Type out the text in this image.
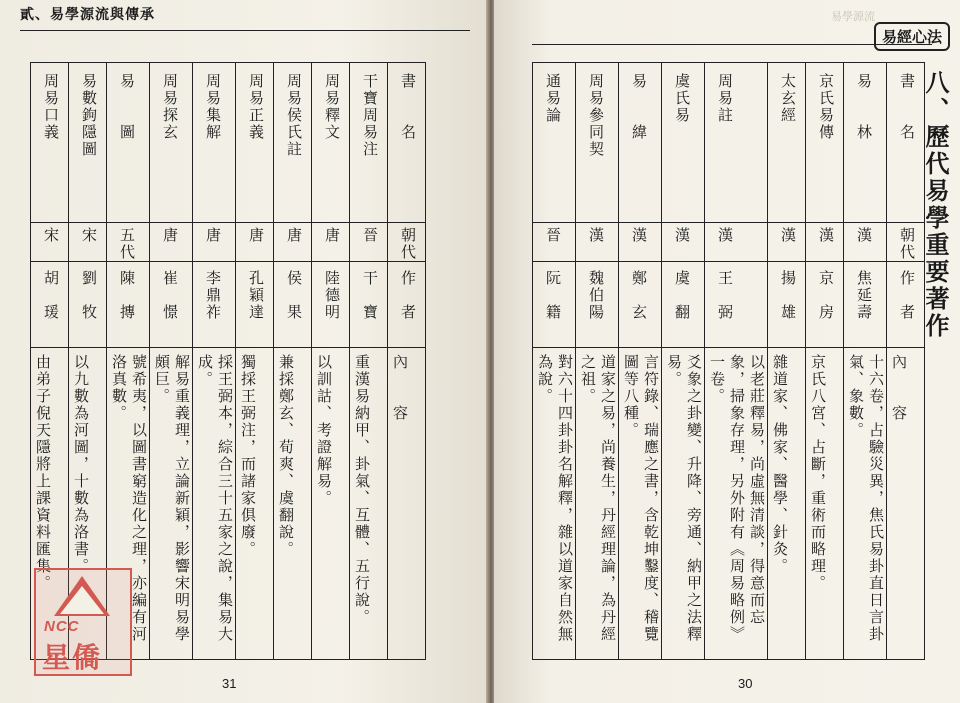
貳、易學源流與傳承
周易口義	易數鉤隱圖	易　　圖	周易探玄	周易集解	周易正義	周易侯氏註	周易釋文	干寶周易注	書　　名

宋	宋	五代	唐	唐	唐	唐	唐	晉	朝代

胡　瑗	劉　牧	陳　摶	崔　憬	李鼎祚	孔穎達	侯　果	陸德明	干　寶	作　者

由弟子倪天隱將上課資料匯集。	以九數為河圖，十數為洛書。	號希夷，以圖書窮造化之理，亦編有河洛真數。	解易重義理，立論新穎，影響宋明易學頗巨。	採王弼本，綜合三十五家之說，集易大成。	獨採王弼注，而諸家俱廢。	兼採鄭玄、荀爽、虞翻說。	以訓詁、考證解易。	重漢易納甲、卦氣、互體、五行說。	內　　容
NCC
星僑
31
易學源流
易經心法
八、歷代易學重要著作
通易論	周易參同契	易　　緯	虞氏易	周易註	太玄經	京氏易傳	易　　林	書　　名

晉	漢	漢	漢	漢	漢	漢	漢	朝代

阮　籍	魏伯陽	鄭　玄	虞　翻	王　弼	揚　雄	京　房	焦延壽	作　者

對六十四卦卦名解釋，雜以道家自然無為說。	道家之易，尚養生，丹經理論，為丹經之祖。	言符錄、瑞應之書，含乾坤鑿度、稽覽圖等八種。	爻象之卦變、升降、旁通、納甲之法釋易。	以老莊釋易，尚虛無清談，得意而忘象，掃象存理，另外附有《周易略例》一卷。	雜道家、佛家、醫學、針灸。	京氏八宮、占斷，重術而略理。	十六卷，占驗災異，焦氏易卦直日言卦氣、象數。	內　　容
30
